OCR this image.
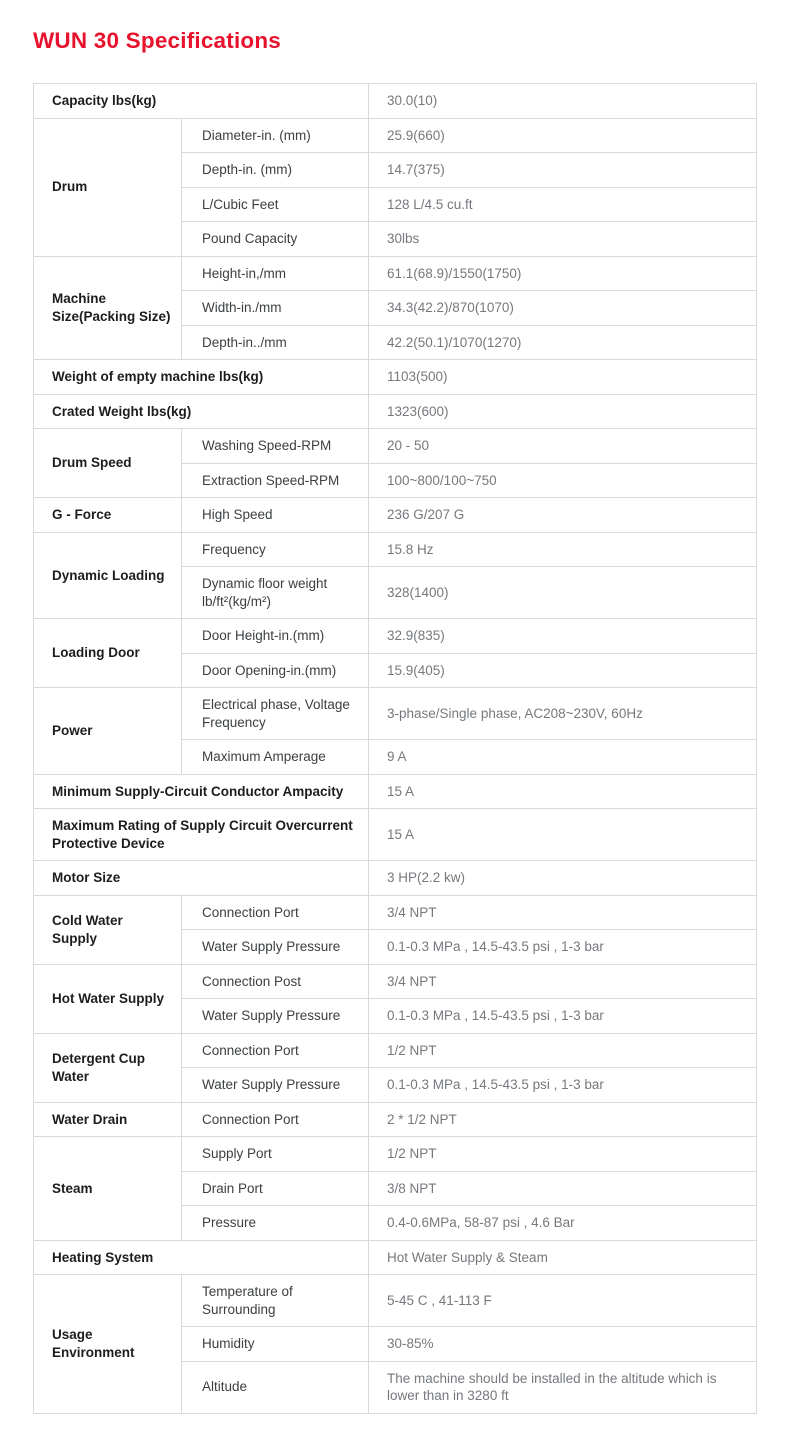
WUN 30 Specifications
Capacity lbs(kg)		30.0(10)
Drum	Diameter-in. (mm)	25.9(660)
	Depth-in. (mm)	14.7(375)
	L/Cubic Feet	128 L/4.5 cu.ft
	Pound Capacity	30lbs
Machine Size(Packing Size)	Height-in,/mm	61.1(68.9)/1550(1750)
	Width-in./mm	34.3(42.2)/870(1070)
	Depth-in../mm	42.2(50.1)/1070(1270)
Weight of empty machine lbs(kg)		1103(500)
Crated Weight lbs(kg)		1323(600)
Drum Speed	Washing Speed-RPM	20 - 50
	Extraction Speed-RPM	100~800/100~750
G - Force	High Speed	236 G/207 G
Dynamic Loading	Frequency	15.8 Hz
	Dynamic floor weight lb/ft²(kg/m²)	328(1400)
Loading Door	Door Height-in.(mm)	32.9(835)
	Door Opening-in.(mm)	15.9(405)
Power	Electrical phase, Voltage Frequency	3-phase/Single phase, AC208~230V, 60Hz
	Maximum Amperage	9 A
Minimum Supply-Circuit Conductor Ampacity		15 A
Maximum Rating of Supply Circuit Overcurrent Protective Device		15 A
Motor Size		3 HP(2.2 kw)
Cold Water Supply	Connection Port	3/4 NPT
	Water Supply Pressure	0.1-0.3 MPa , 14.5-43.5 psi , 1-3 bar
Hot Water Supply	Connection Post	3/4 NPT
	Water Supply Pressure	0.1-0.3 MPa , 14.5-43.5 psi , 1-3 bar
Detergent Cup Water	Connection Port	1/2 NPT
	Water Supply Pressure	0.1-0.3 MPa , 14.5-43.5 psi , 1-3 bar
Water Drain	Connection Port	2 * 1/2 NPT
Steam	Supply Port	1/2 NPT
	Drain Port	3/8 NPT
	Pressure	0.4-0.6MPa, 58-87 psi , 4.6 Bar
Heating System		Hot Water Supply & Steam
Usage Environment	Temperature of Surrounding	5-45 C , 41-113 F
	Humidity	30-85%
	Altitude	The machine should be installed in the altitude which is lower than in 3280 ft
